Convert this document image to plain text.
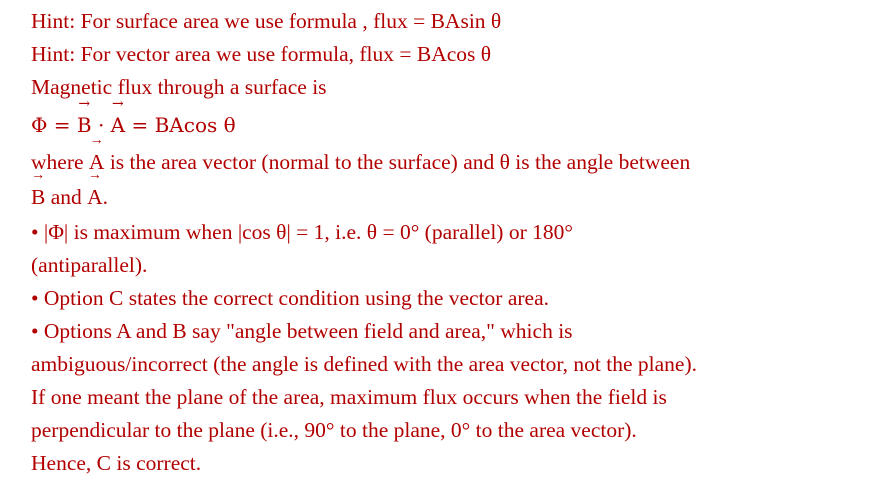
Hint: For surface area we use formula , flux = BAsin θ
Hint: For vector area we use formula, flux = BAcos θ
Magnetic flux through a surface is
Φ = → B · → A = BAcos θ
where → A is the area vector (normal to the surface) and θ is the angle between
→ B and → A.
• |Φ| is maximum when |cos θ| = 1, i.e. θ = 0° (parallel) or 180°
(antiparallel).
• Option C states the correct condition using the vector area.
• Options A and B say "angle between field and area," which is
ambiguous/incorrect (the angle is defined with the area vector, not the plane).
If one meant the plane of the area, maximum flux occurs when the field is
perpendicular to the plane (i.e., 90° to the plane, 0° to the area vector).
Hence, C is correct.
